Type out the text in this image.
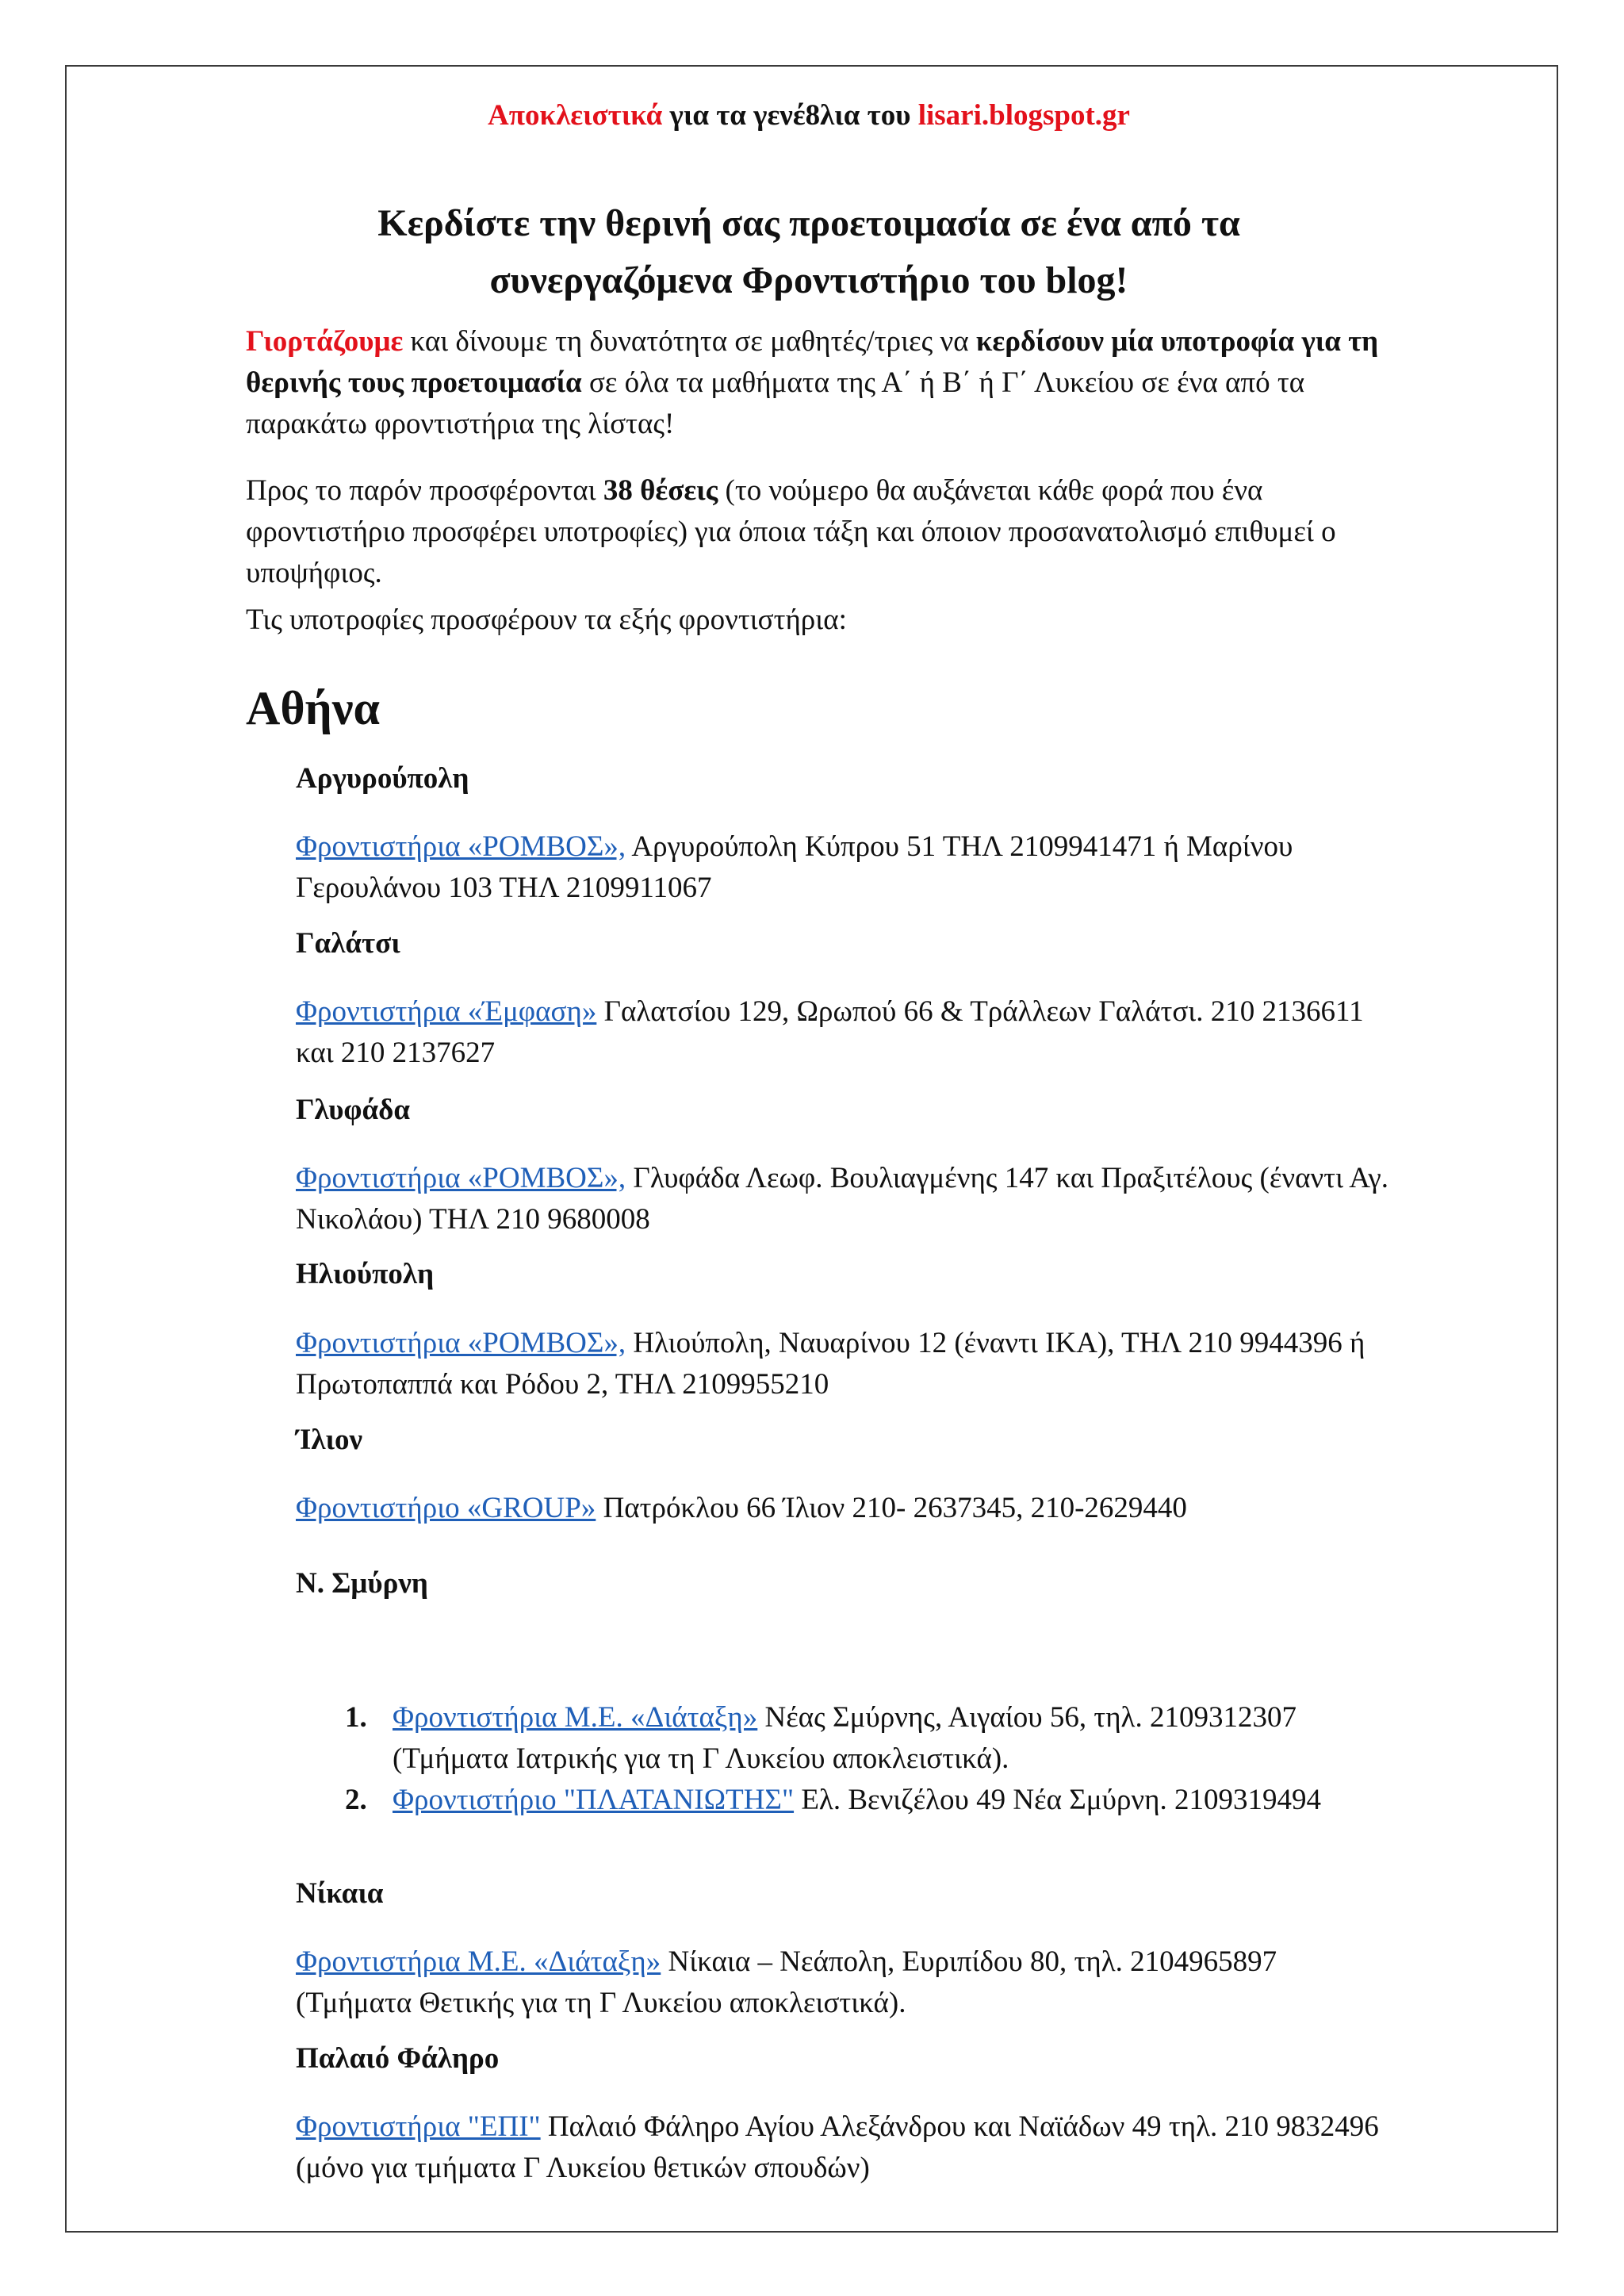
Αποκλειστικά για τα γενέ8λια του lisari.blogspot.gr

Κερδίστε την θερινή σας προετοιμασία σε ένα από τα
συνεργαζόμενα Φροντιστήριο του blog!

Γιορτάζουμε και δίνουμε τη δυνατότητα σε μαθητές/τριες να κερδίσουν μία υποτροφία για τη θερινής τους προετοιμασία σε όλα τα μαθήματα της Α΄ ή Β΄ ή Γ΄ Λυκείου σε ένα από τα παρακάτω φροντιστήρια της λίστας!

Προς το παρόν προσφέρονται 38 θέσεις (το νούμερο θα αυξάνεται κάθε φορά που ένα φροντιστήριο προσφέρει υποτροφίες) για όποια τάξη και όποιον προσανατολισμό επιθυμεί ο υποψήφιος.

Τις υποτροφίες προσφέρουν τα εξής φροντιστήρια:

Αθήνα
Αργυρούπολη

Φροντιστήρια «ΡΟΜΒΟΣ», Αργυρούπολη Κύπρου 51 ΤΗΛ 2109941471 ή Μαρίνου Γερουλάνου 103 ΤΗΛ 2109911067

Γαλάτσι

Φροντιστήρια «Έμφαση» Γαλατσίου 129, Ωρωπού 66 & Τράλλεων Γαλάτσι. 210 2136611 και 210 2137627

Γλυφάδα

Φροντιστήρια «ΡΟΜΒΟΣ», Γλυφάδα Λεωφ. Βουλιαγμένης 147 και Πραξιτέλους (έναντι Αγ. Νικολάου) ΤΗΛ 210 9680008

Ηλιούπολη

Φροντιστήρια «ΡΟΜΒΟΣ», Ηλιούπολη, Ναυαρίνου 12 (έναντι ΙΚΑ), ΤΗΛ 210 9944396 ή Πρωτοπαππά και Ρόδου 2, ΤΗΛ 2109955210

Ίλιον

Φροντιστήριο «GROUP» Πατρόκλου 66 Ίλιον 210- 2637345, 210-2629440

Ν. Σμύρνη
1. Φροντιστήρια Μ.Ε. «Διάταξη» Νέας Σμύρνης, Αιγαίου 56, τηλ. 2109312307 (Τμήματα Ιατρικής για τη Γ Λυκείου αποκλειστικά).
2. Φροντιστήριο "ΠΛΑΤΑΝΙΩΤΗΣ" Ελ. Βενιζέλου 49 Νέα Σμύρνη. 2109319494
Νίκαια

Φροντιστήρια Μ.Ε. «Διάταξη» Νίκαια – Νεάπολη, Ευριπίδου 80, τηλ. 2104965897 (Τμήματα Θετικής για τη Γ Λυκείου αποκλειστικά).

Παλαιό Φάληρο

Φροντιστήρια "ΕΠΙ" Παλαιό Φάληρο Αγίου Αλεξάνδρου και Ναϊάδων 49 τηλ. 210 9832496 (μόνο για τμήματα Γ Λυκείου θετικών σπουδών)
